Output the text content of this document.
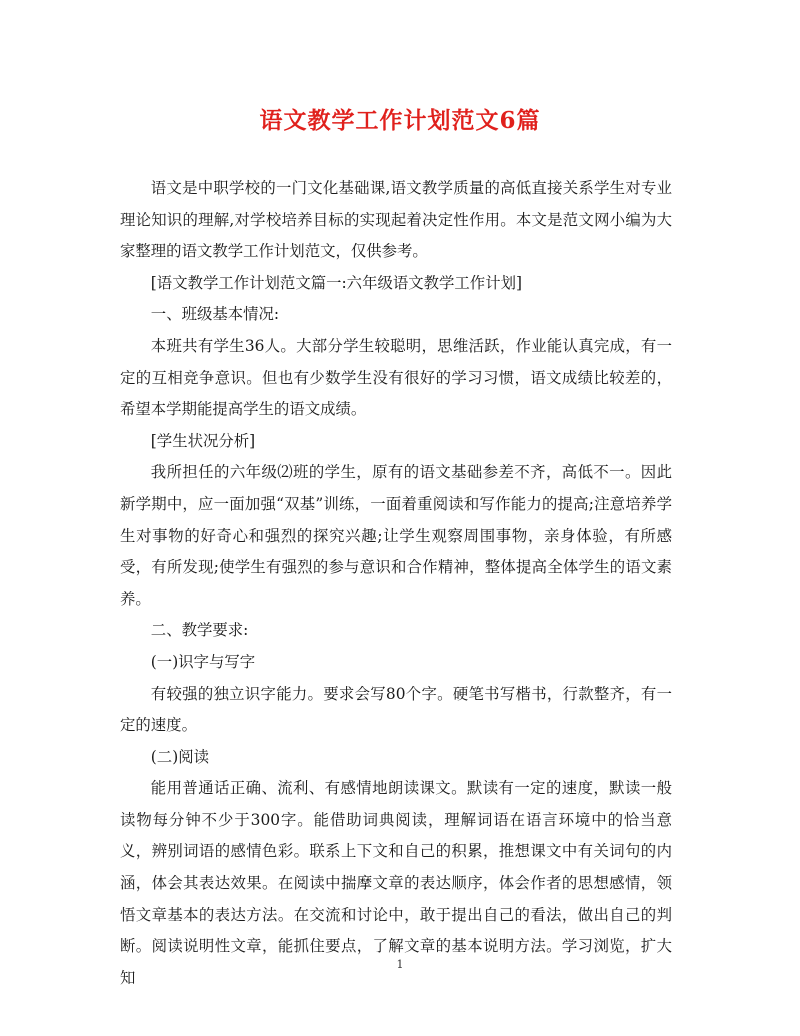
语文教学工作计划范文6篇

语文是中职学校的一门文化基础课,语文教学质量的高低直接关系学生对专业理论知识的理解,对学校培养目标的实现起着决定性作用。本文是范文网小编为大家整理的语文教学工作计划范文，仅供参考。

[语文教学工作计划范文篇一:六年级语文教学工作计划]

一、班级基本情况:

本班共有学生36人。大部分学生较聪明，思维活跃，作业能认真完成，有一定的互相竞争意识。但也有少数学生没有很好的学习习惯，语文成绩比较差的，希望本学期能提高学生的语文成绩。

[学生状况分析]

我所担任的六年级⑵班的学生，原有的语文基础参差不齐，高低不一。因此新学期中，应一面加强“双基”训练，一面着重阅读和写作能力的提高;注意培养学生对事物的好奇心和强烈的探究兴趣;让学生观察周围事物，亲身体验，有所感受，有所发现;使学生有强烈的参与意识和合作精神，整体提高全体学生的语文素养。

二、教学要求:

(一)识字与写字

有较强的独立识字能力。要求会写80个字。硬笔书写楷书，行款整齐，有一定的速度。

(二)阅读

能用普通话正确、流利、有感情地朗读课文。默读有一定的速度，默读一般读物每分钟不少于300字。能借助词典阅读，理解词语在语言环境中的恰当意义，辨别词语的感情色彩。联系上下文和自己的积累，推想课文中有关词句的内涵，体会其表达效果。在阅读中揣摩文章的表达顺序，体会作者的思想感情，领悟文章基本的表达方法。在交流和讨论中，敢于提出自己的看法，做出自己的判断。阅读说明性文章，能抓住要点，了解文章的基本说明方法。学习浏览，扩大知

1
